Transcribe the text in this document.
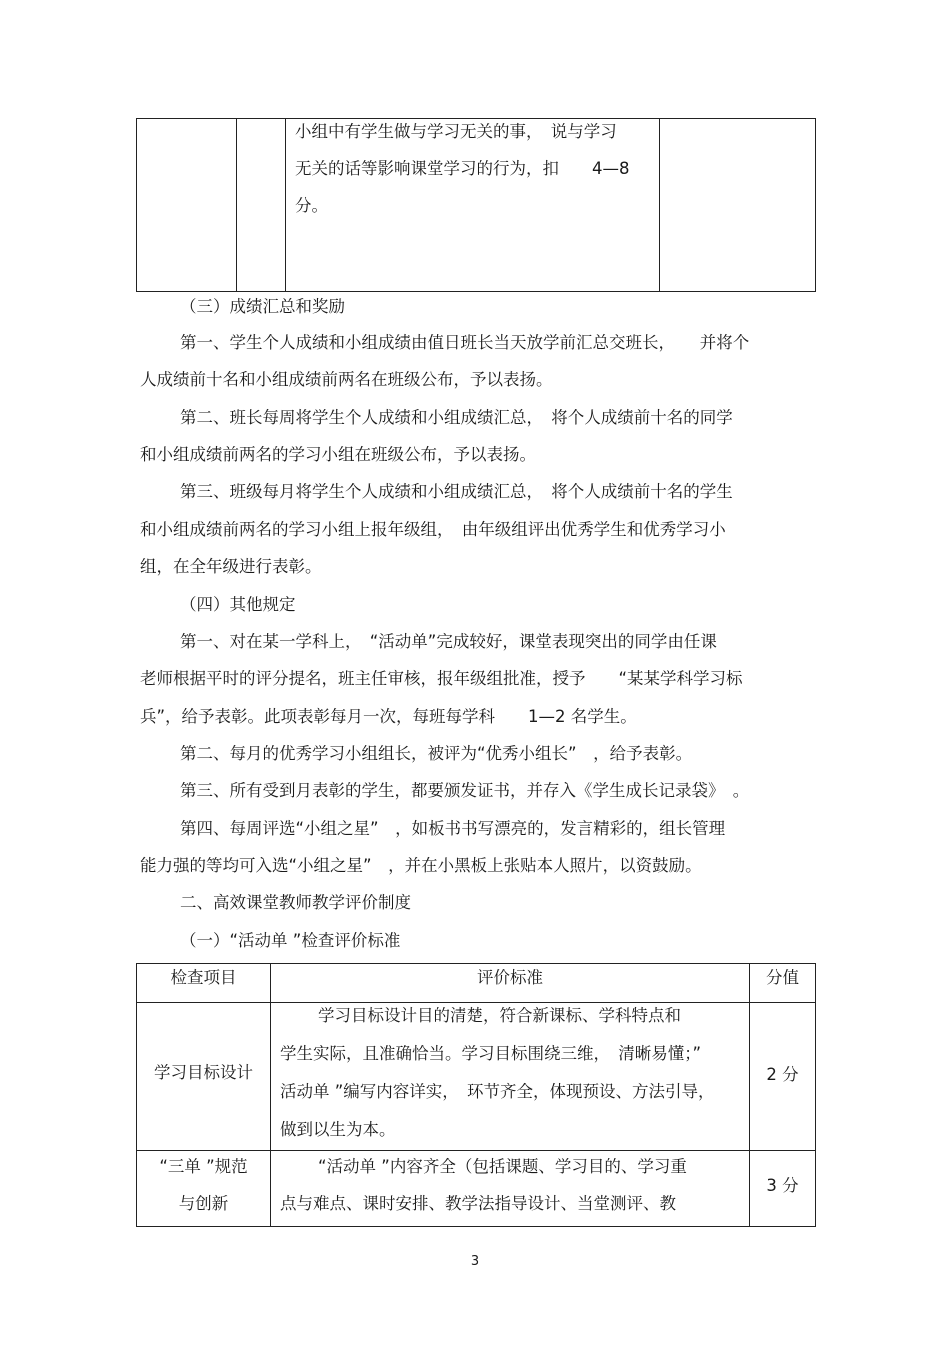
小组中有学生做与学习无关的事，　说与学习
无关的话等影响课堂学习的行为，扣　　4—8
分。
（三）成绩汇总和奖励
第一、学生个人成绩和小组成绩由值日班长当天放学前汇总交班长，　　并将个
人成绩前十名和小组成绩前两名在班级公布，予以表扬。
第二、班长每周将学生个人成绩和小组成绩汇总，　将个人成绩前十名的同学
和小组成绩前两名的学习小组在班级公布，予以表扬。
第三、班级每月将学生个人成绩和小组成绩汇总，　将个人成绩前十名的学生
和小组成绩前两名的学习小组上报年级组，　由年级组评出优秀学生和优秀学习小
组，在全年级进行表彰。
（四）其他规定
第一、对在某一学科上，　“活动单”完成较好，课堂表现突出的同学由任课
老师根据平时的评分提名，班主任审核，报年级组批准，授予　　“某某学科学习标
兵”，给予表彰。此项表彰每月一次，每班每学科　　1—2 名学生。
第二、每月的优秀学习小组组长，被评为“优秀小组长”　，给予表彰。
第三、所有受到月表彰的学生，都要颁发证书，并存入《学生成长记录袋》　。
第四、每周评选“小组之星”　，如板书书写漂亮的，发言精彩的，组长管理
能力强的等均可入选“小组之星”　，并在小黑板上张贴本人照片，以资鼓励。
二、高效课堂教师教学评价制度
（一）“活动单 ”检查评价标准
检查项目	评价标准	分值
学习目标设计
学习目标设计目的清楚，符合新课标、学科特点和
学生实际，且准确恰当。学习目标围绕三维，　清晰易懂；”
活动单 ”编写内容详实，　环节齐全，体现预设、方法引导，
做到以生为本。
2 分
“三单 ”规范
与创新
“活动单 ”内容齐全（包括课题、学习目的、学习重
点与难点、课时安排、教学法指导设计、当堂测评、教
3 分
3
